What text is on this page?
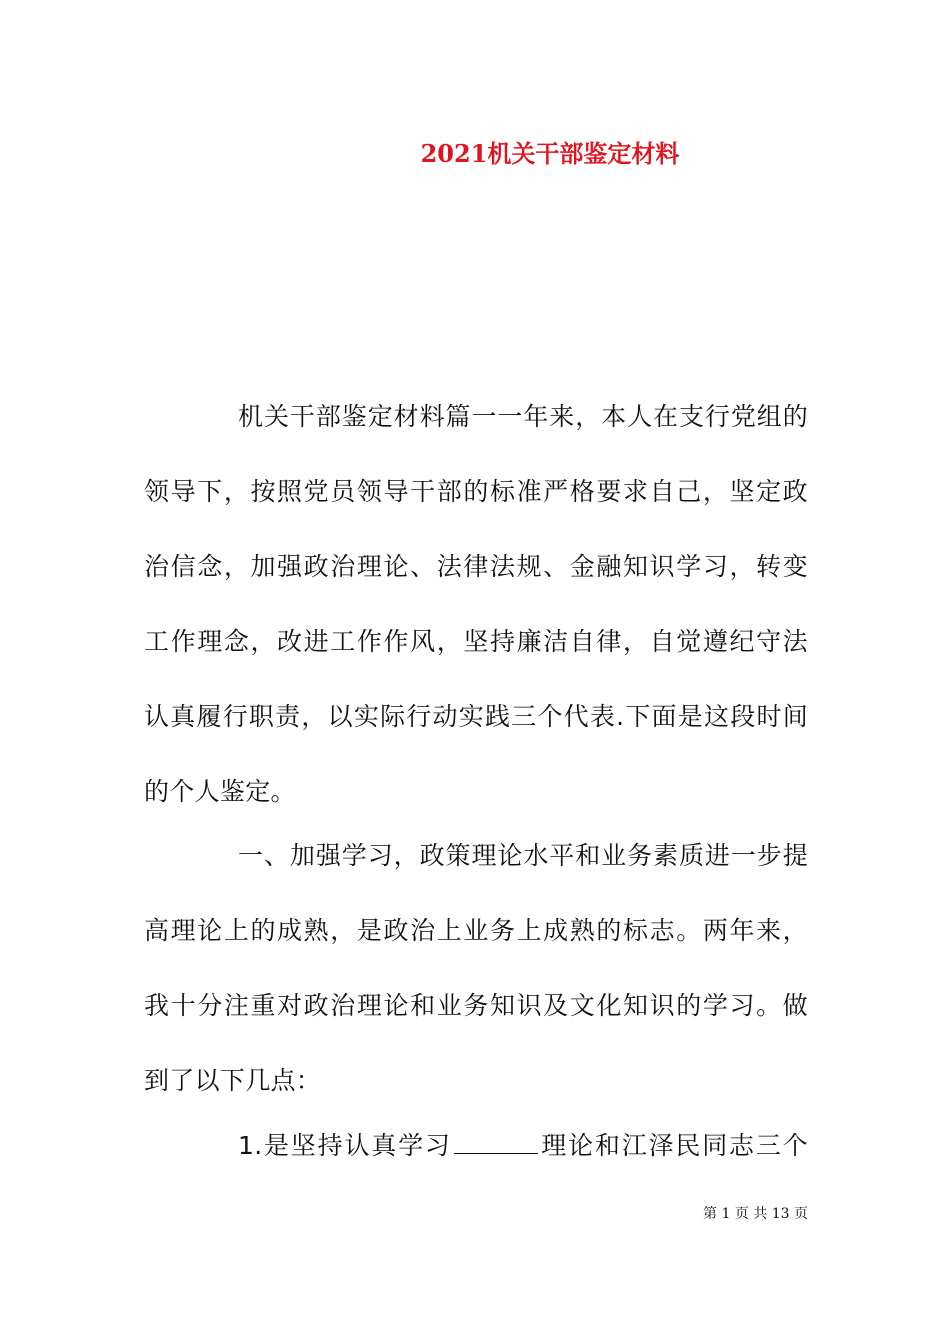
2021机关干部鉴定材料
机关干部鉴定材料篇一一年来，本人在支行党组的
领导下，按照党员领导干部的标准严格要求自己，坚定政
治信念，加强政治理论、法律法规、金融知识学习，转变
工作理念，改进工作作风，坚持廉洁自律，自觉遵纪守法
认真履行职责，以实际行动实践三个代表.下面是这段时间
的个人鉴定。
一、加强学习，政策理论水平和业务素质进一步提
高理论上的成熟，是政治上业务上成熟的标志。两年来，
我十分注重对政治理论和业务知识及文化知识的学习。做
到了以下几点：
1.是坚持认真学习	理论和江泽民同志三个
第 1 页 共 13 页
